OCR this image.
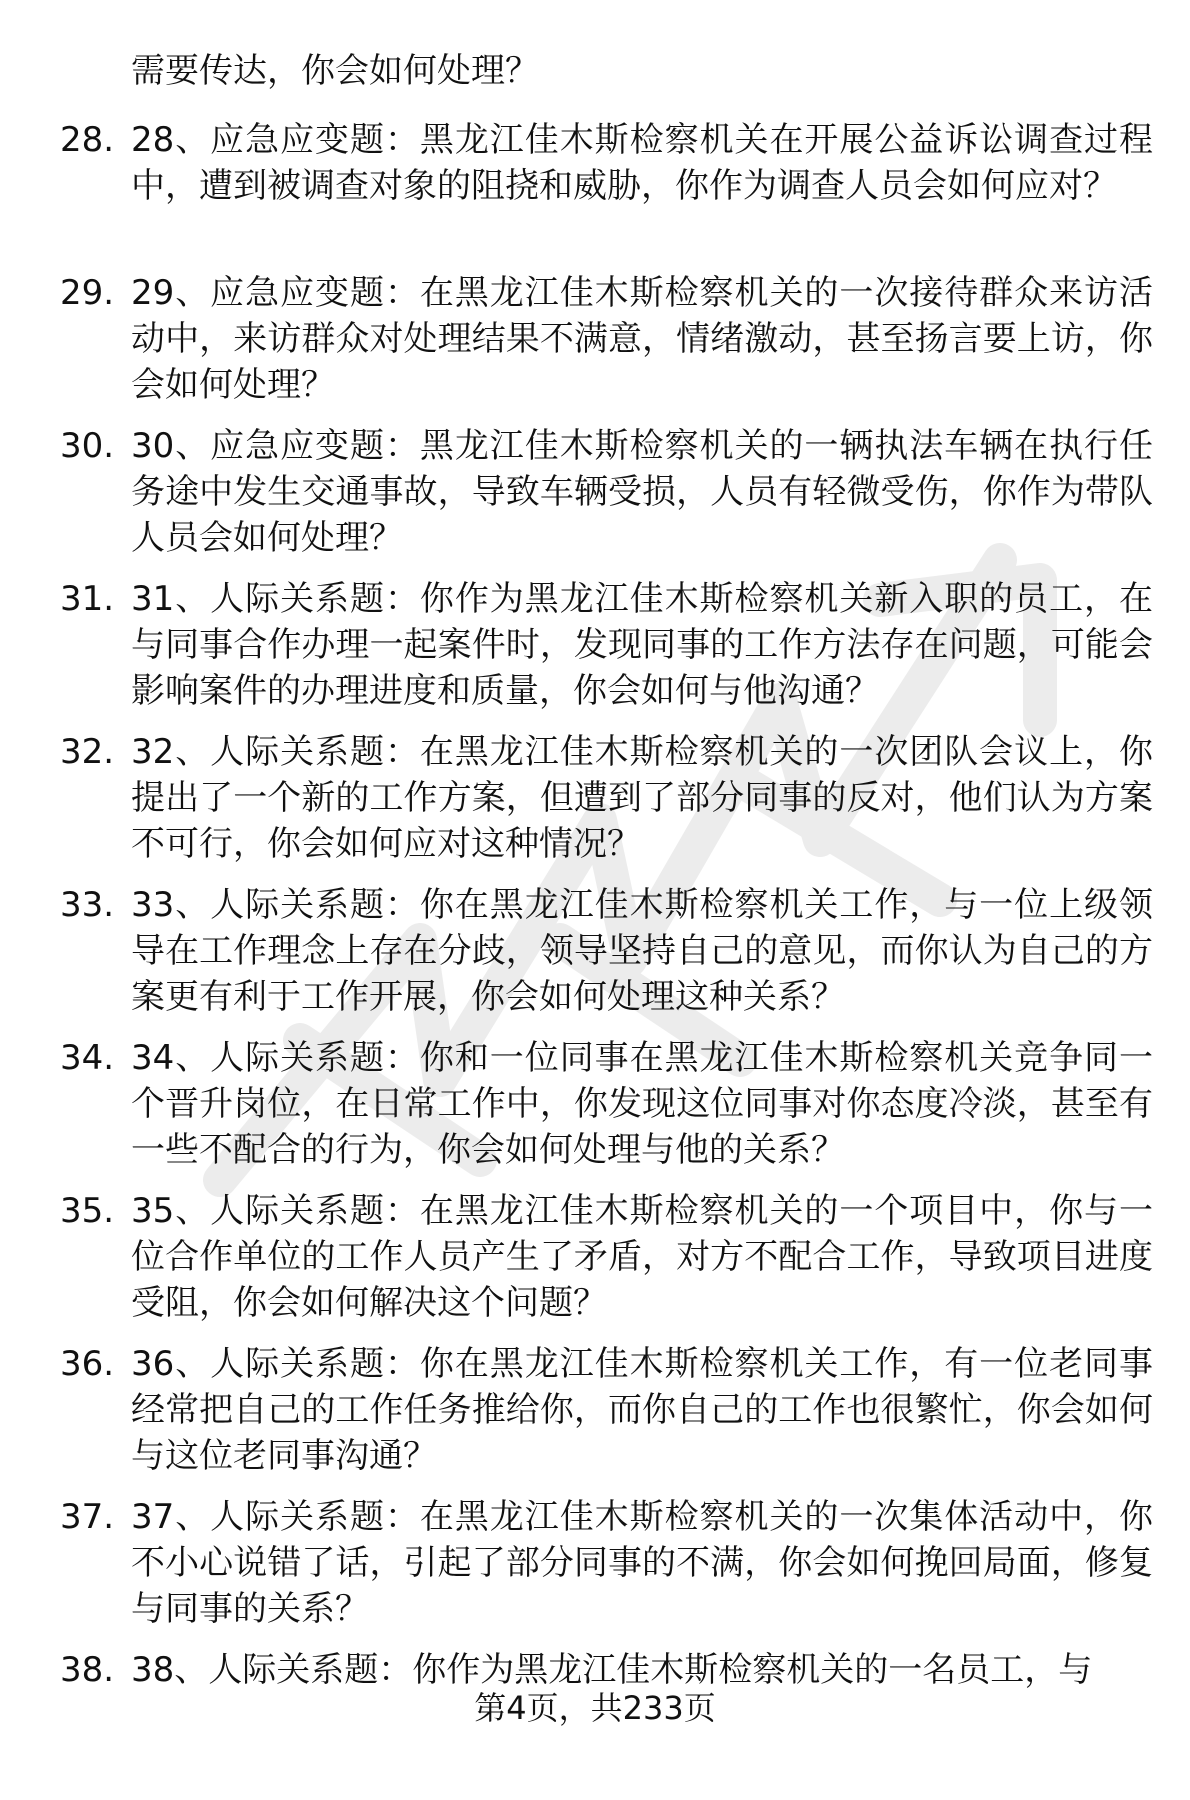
需要传达，你会如何处理？
28. 28、应急应变题：黑龙江佳木斯检察机关在开展公益诉讼调查过程中，遭到被调查对象的阻挠和威胁，你作为调查人员会如何应对？
29. 29、应急应变题：在黑龙江佳木斯检察机关的一次接待群众来访活动中，来访群众对处理结果不满意，情绪激动，甚至扬言要上访，你会如何处理？
30. 30、应急应变题：黑龙江佳木斯检察机关的一辆执法车辆在执行任务途中发生交通事故，导致车辆受损，人员有轻微受伤，你作为带队人员会如何处理？
31. 31、人际关系题：你作为黑龙江佳木斯检察机关新入职的员工，在与同事合作办理一起案件时，发现同事的工作方法存在问题，可能会影响案件的办理进度和质量，你会如何与他沟通？
32. 32、人际关系题：在黑龙江佳木斯检察机关的一次团队会议上，你提出了一个新的工作方案，但遭到了部分同事的反对，他们认为方案不可行，你会如何应对这种情况？
33. 33、人际关系题：你在黑龙江佳木斯检察机关工作，与一位上级领导在工作理念上存在分歧，领导坚持自己的意见，而你认为自己的方案更有利于工作开展，你会如何处理这种关系？
34. 34、人际关系题：你和一位同事在黑龙江佳木斯检察机关竞争同一个晋升岗位，在日常工作中，你发现这位同事对你态度冷淡，甚至有一些不配合的行为，你会如何处理与他的关系？
35. 35、人际关系题：在黑龙江佳木斯检察机关的一个项目中，你与一位合作单位的工作人员产生了矛盾，对方不配合工作，导致项目进度受阻，你会如何解决这个问题？
36. 36、人际关系题：你在黑龙江佳木斯检察机关工作，有一位老同事经常把自己的工作任务推给你，而你自己的工作也很繁忙，你会如何与这位老同事沟通？
37. 37、人际关系题：在黑龙江佳木斯检察机关的一次集体活动中，你不小心说错了话，引起了部分同事的不满，你会如何挽回局面，修复与同事的关系？
38. 38、人际关系题：你作为黑龙江佳木斯检察机关的一名员工，与
第4页，共233页
